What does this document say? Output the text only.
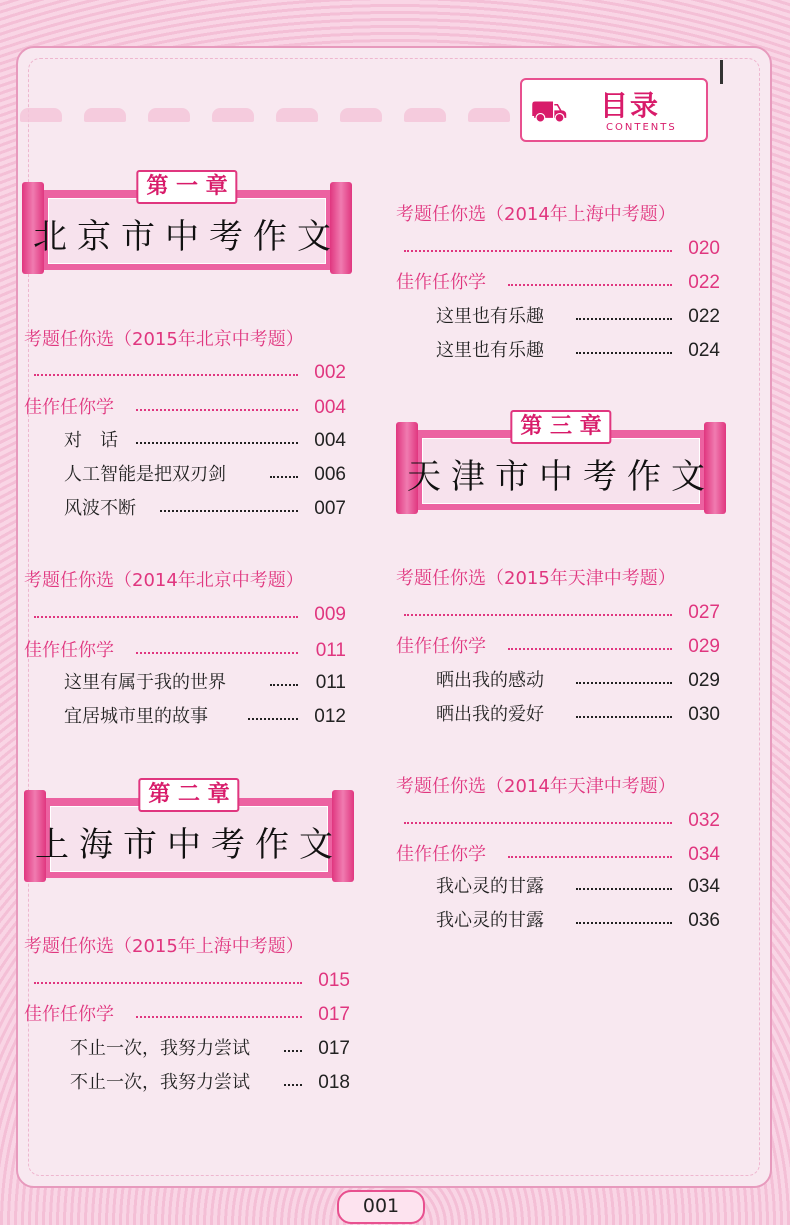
⛟ 目录
CONTENTS
第 一 章
北京市中考作文
第 二 章
上海市中考作文
第 三 章
天津市中考作文
考题任你选（2015年北京中考题）
002
佳作任你学	004
对　话	004
人工智能是把双刃剑	006
风波不断	007
考题任你选（2014年北京中考题）
009
佳作任你学	011
这里有属于我的世界	011
宜居城市里的故事	012
考题任你选（2015年上海中考题）
015
佳作任你学	017
不止一次，我努力尝试	017
不止一次，我努力尝试	018
考题任你选（2014年上海中考题）
020
佳作任你学	022
这里也有乐趣	022
这里也有乐趣	024
考题任你选（2015年天津中考题）
027
佳作任你学	029
晒出我的感动	029
晒出我的爱好	030
考题任你选（2014年天津中考题）
032
佳作任你学	034
我心灵的甘露	034
我心灵的甘露	036
001
